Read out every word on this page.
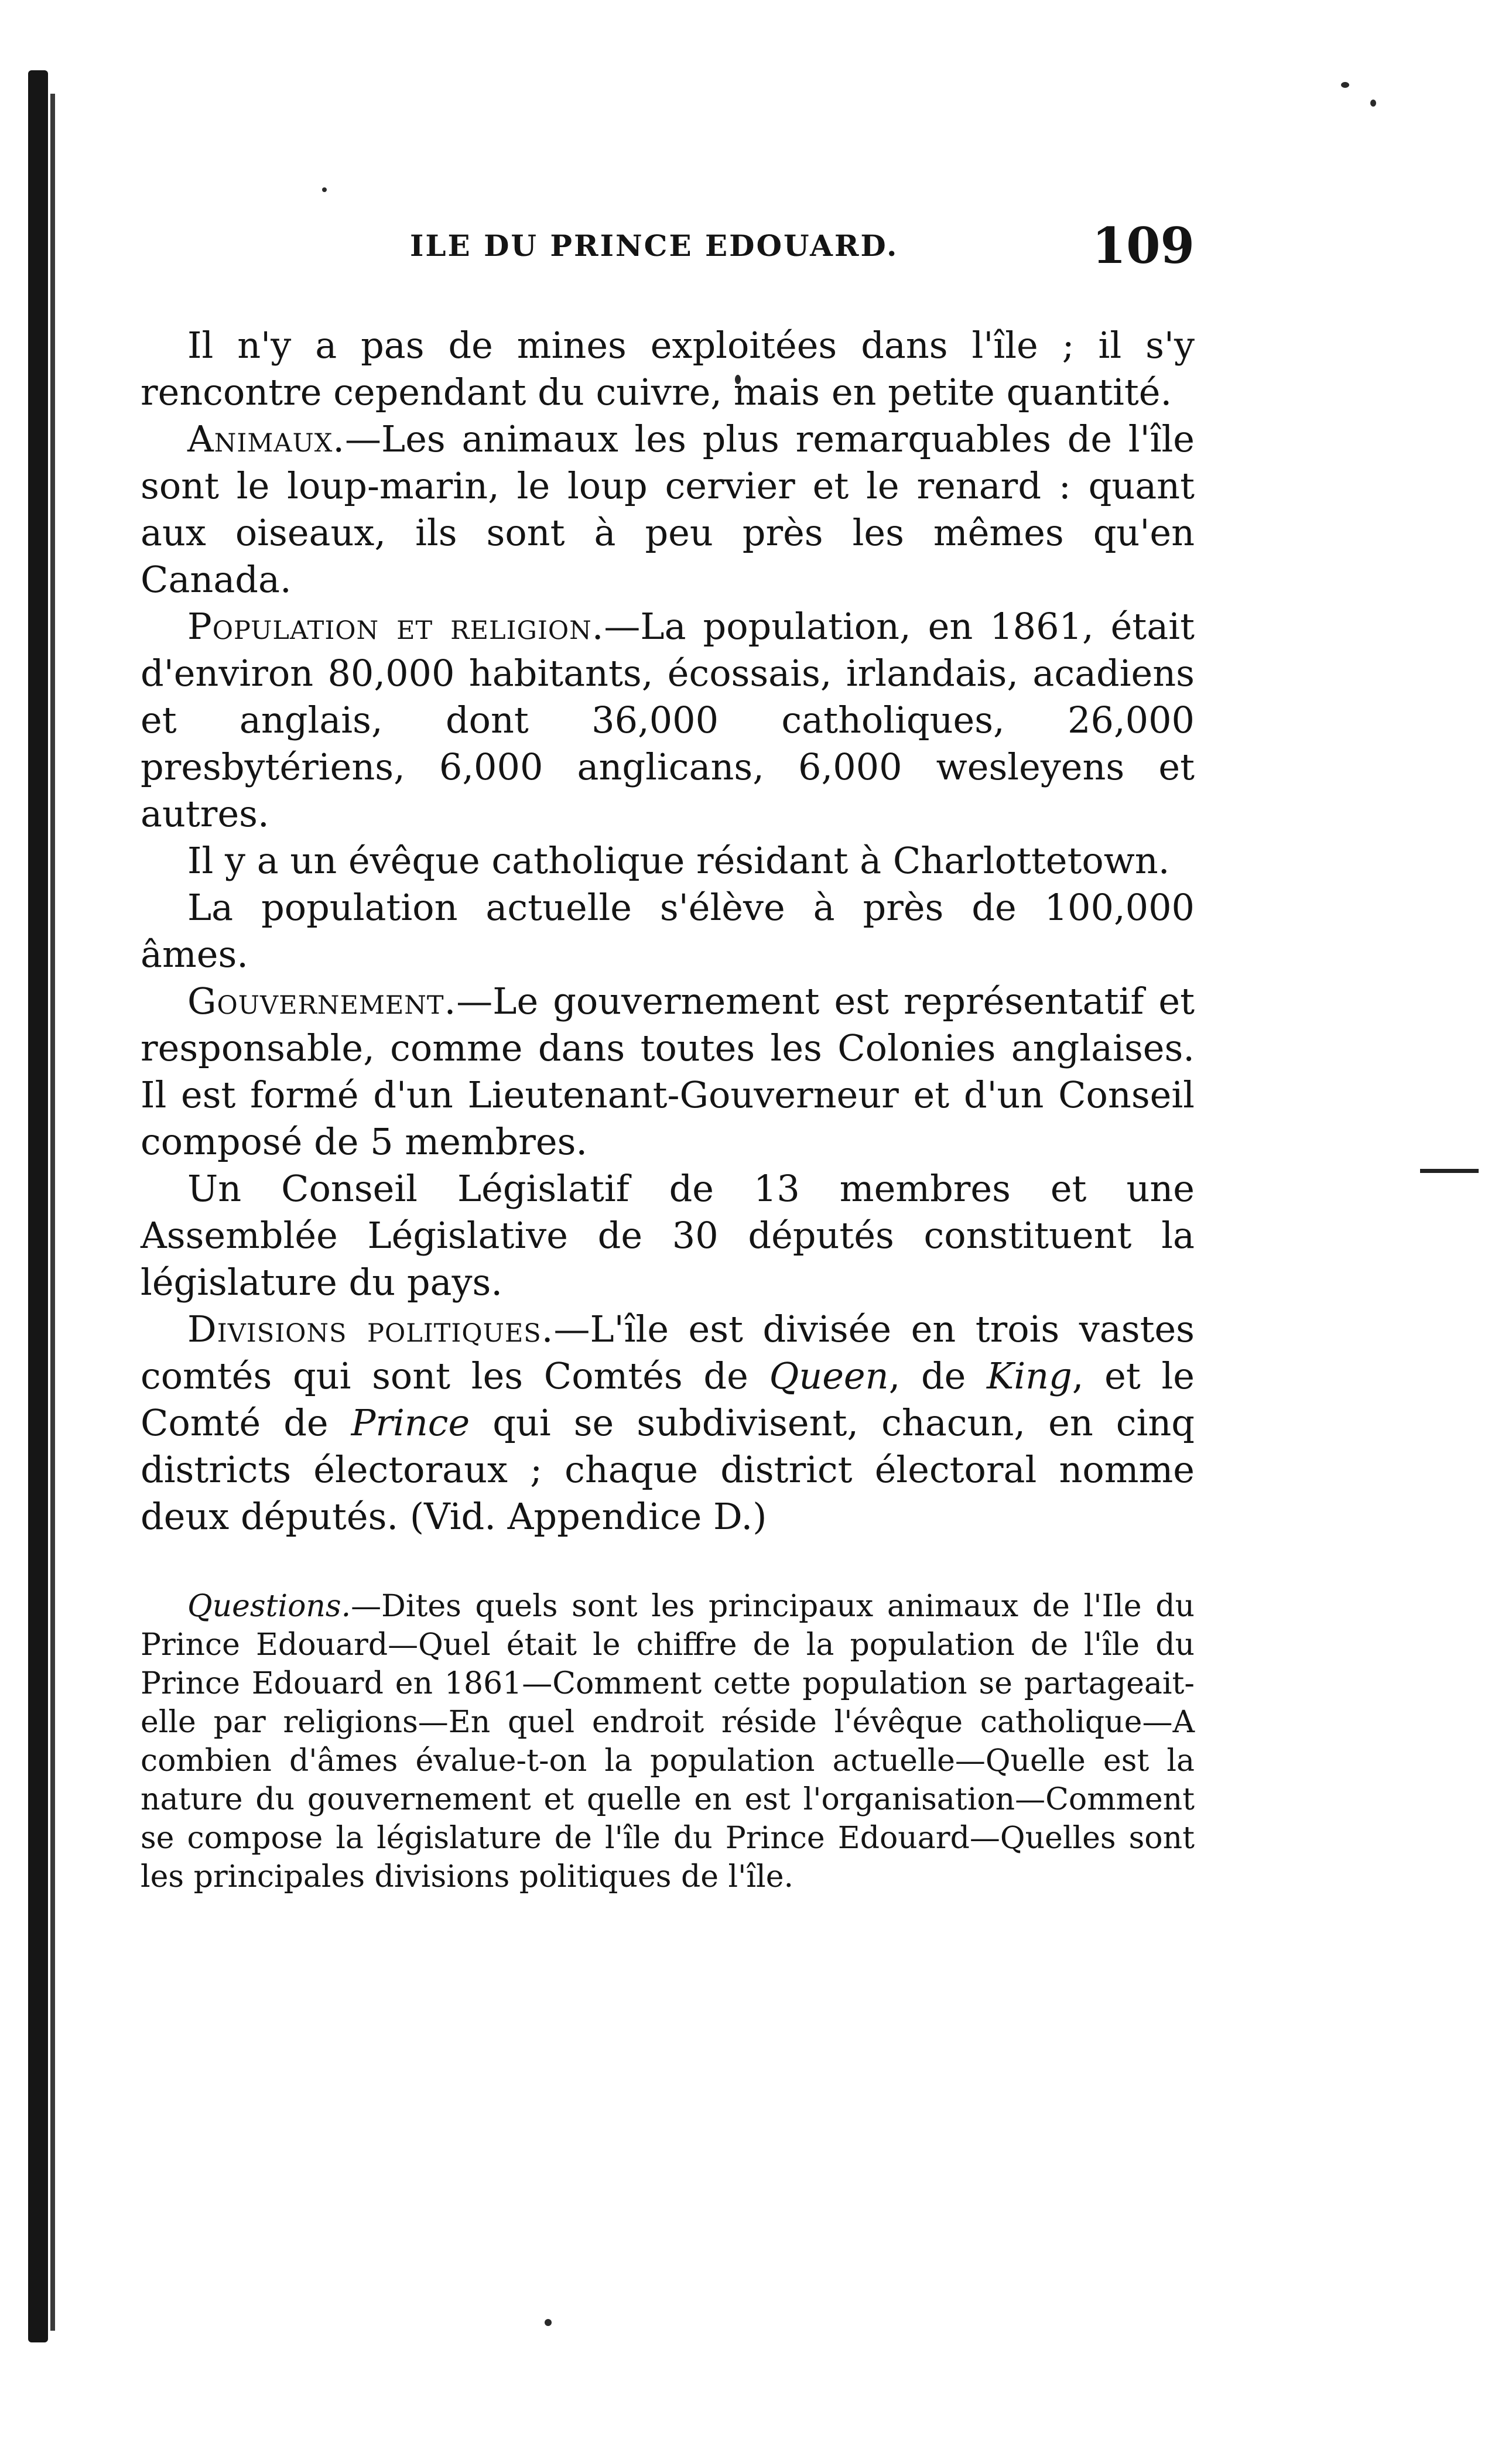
ILE DU PRINCE EDOUARD.	109

Il n'y a pas de mines exploitées dans l'île ; il s'y rencontre cependant du cuivre, mais en petite quantité.

Animaux.—Les animaux les plus remarquables de l'île sont le loup-marin, le loup cervier et le renard : quant aux oiseaux, ils sont à peu près les mêmes qu'en Canada.

Population et religion.—La population, en 1861, était d'environ 80,000 habitants, écossais, irlandais, acadiens et anglais, dont 36,000 catholiques, 26,000 presbytériens, 6,000 anglicans, 6,000 wesleyens et autres.

Il y a un évêque catholique résidant à Charlottetown.

La population actuelle s'élève à près de 100,000 âmes.

Gouvernement.—Le gouvernement est représentatif et responsable, comme dans toutes les Colonies anglaises. Il est formé d'un Lieutenant-Gouverneur et d'un Conseil composé de 5 membres.

Un Conseil Législatif de 13 membres et une Assemblée Législative de 30 députés constituent la législature du pays.

Divisions politiques.—L'île est divisée en trois vastes comtés qui sont les Comtés de Queen, de King, et le Comté de Prince qui se subdivisent, chacun, en cinq districts électoraux ; chaque district électoral nomme deux députés. (Vid. Appendice D.)

Questions.—Dites quels sont les principaux animaux de l'Ile du Prince Edouard—Quel était le chiffre de la population de l'île du Prince Edouard en 1861—Comment cette population se partageait-elle par religions—En quel endroit réside l'évêque catholique—A combien d'âmes évalue-t-on la population actuelle—Quelle est la nature du gouvernement et quelle en est l'organisation—Comment se compose la législature de l'île du Prince Edouard—Quelles sont les principales divisions politiques de l'île.
